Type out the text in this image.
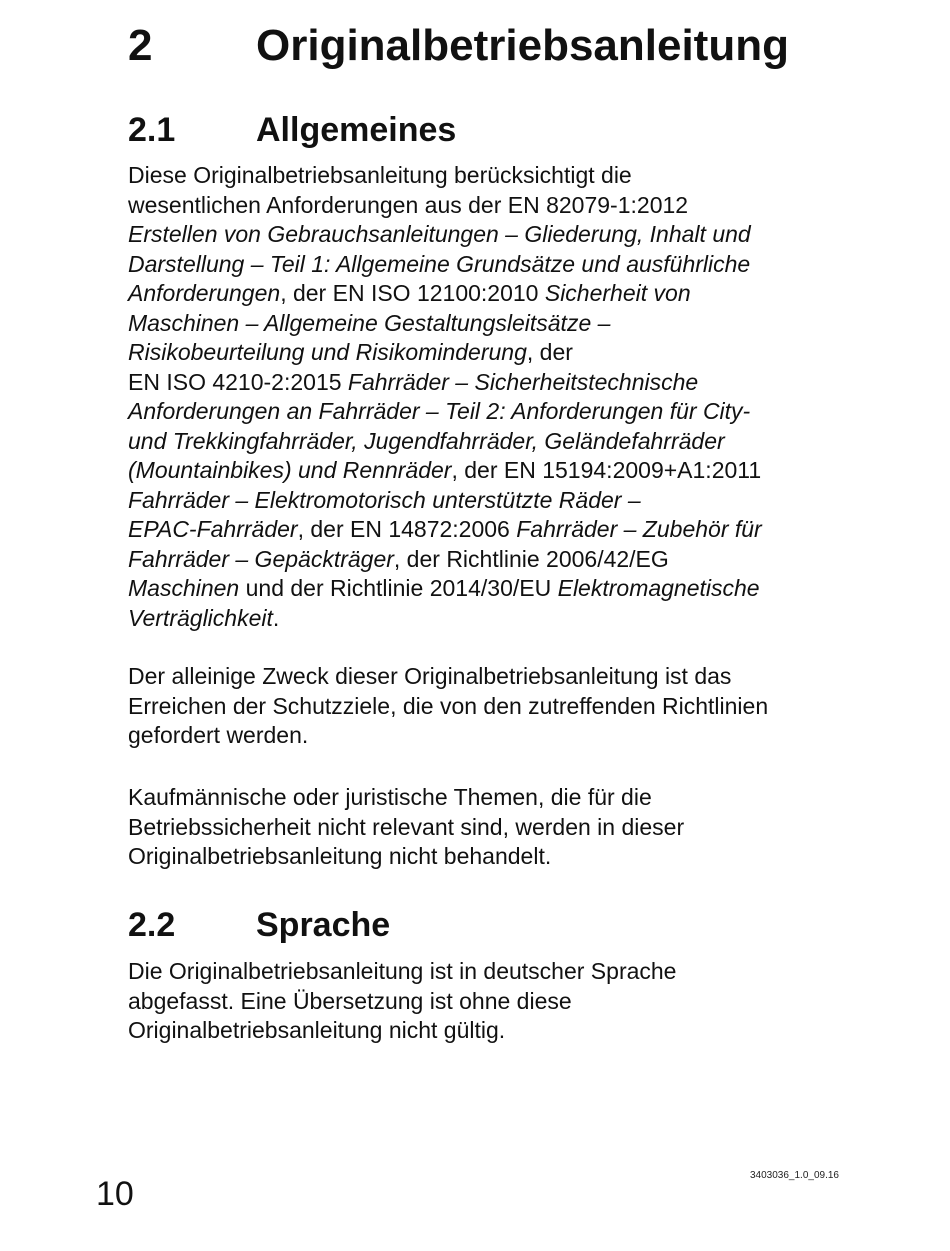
2 Originalbetriebsanleitung
2.1 Allgemeines
Diese Originalbetriebsanleitung berücksichtigt die
wesentlichen Anforderungen aus der EN 82079-1:2012
Erstellen von Gebrauchsanleitungen – Gliederung, Inhalt und
Darstellung – Teil 1: Allgemeine Grundsätze und ausführliche
Anforderungen, der EN ISO 12100:2010 Sicherheit von
Maschinen – Allgemeine Gestaltungsleitsätze –
Risikobeurteilung und Risikominderung, der
EN ISO 4210-2:2015 Fahrräder – Sicherheitstechnische
Anforderungen an Fahrräder – Teil 2: Anforderungen für City-
und Trekkingfahrräder, Jugendfahrräder, Geländefahrräder
(Mountainbikes) und Rennräder, der EN 15194:2009+A1:2011
Fahrräder – Elektromotorisch unterstützte Räder –
EPAC-Fahrräder, der EN 14872:2006 Fahrräder – Zubehör für
Fahrräder – Gepäckträger, der Richtlinie 2006/42/EG
Maschinen und der Richtlinie 2014/30/EU Elektromagnetische
Verträglichkeit.
Der alleinige Zweck dieser Originalbetriebsanleitung ist das
Erreichen der Schutzziele, die von den zutreffenden Richtlinien
gefordert werden.
Kaufmännische oder juristische Themen, die für die
Betriebssicherheit nicht relevant sind, werden in dieser
Originalbetriebsanleitung nicht behandelt.
2.2 Sprache
Die Originalbetriebsanleitung ist in deutscher Sprache
abgefasst. Eine Übersetzung ist ohne diese
Originalbetriebsanleitung nicht gültig.
10	3403036_1.0_09.16
